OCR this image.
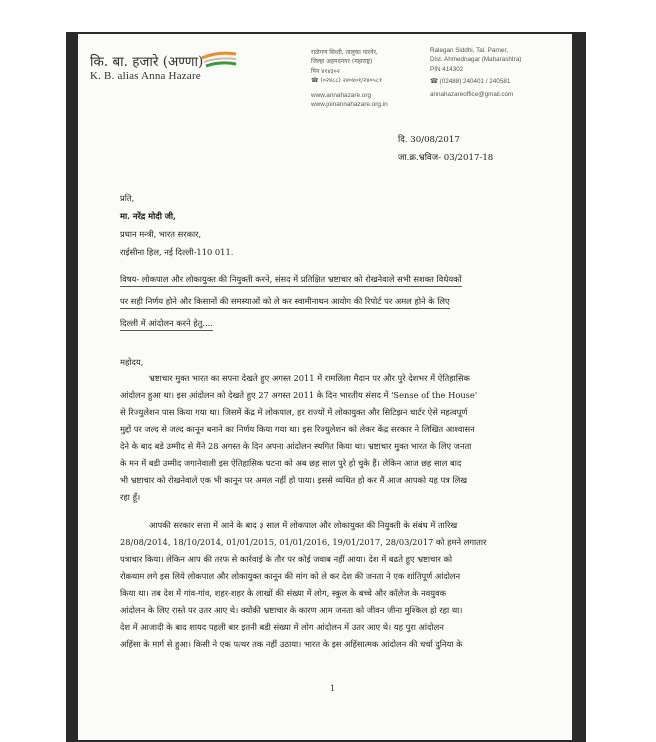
कि. बा. हजारे (अण्णा)
K. B. alias Anna Hazare
राळेगण सिध्दी, तालुका पारनेर,
जिल्हा अहमदनगर (महाराष्ट्र)
पिन ४१४३०२
☎ (०२४८८) २४०४०१/२४०५८१
www.annahazare.org
www.joinannahazare.org.in
Ralegan Siddhi, Tal. Parner,
Dist. Ahmednagar (Maharashtra)
PIN 414302
☎ (02488) 240401 / 240581
annahazareoffice@gmail.com
दि. 30/08/2017
जा.क्र.भ्रवि‍ज- 03/2017-18
प्रति,
मा. नरेंद्र मोदी जी,
प्रधान मन्त्री, भारत सरकार,
राईसीना हिल, नई दिल्ली-110 011.
विषय- लोकपाल और लोकायुक्त की नियुक्ती करने, संसद में प्रतिक्षित भ्रष्टाचार को रोखनेवाले सभी सशक्त विधेयकों
पर सही निर्णय होने और किसानों की समस्याओं को ले कर स्वामीनाथन आयोग की रिपोर्ट पर अमल होने के लिए
दिल्ली में आंदोलन करने हेतु....
महोदय,
भ्रष्टाचार मुक्त भारत का सपना देखते हुए अगस्त 2011 में रामलिला मैदान पर और पुरे देशभर में ऐतिहासिक
आंदोलन हुआ था। इस आंदोलन को देखते हुए 27 अगस्त 2011 के दिन भारतीय संसद में 'Sense of the House'
से रिज्युलेशन पास किया गया था। जिसमें केंद्र में लोकपाल, हर राज्यों में लोकायुक्त और सिटिझन चार्टर ऐसे महत्वपूर्ण
मुद्दों पर जल्द से जल्द कानून बनाने का निर्णय किया गया था। इस रिज्युलेशन को लेकर केंद्र सरकार ने लिखित आश्वासन
देने के बाद बडे उम्मीद से मैंने 28 अगस्त के दिन अपना आंदोलन स्थगित किया था। भ्रष्टाचार मुक्त भारत के लिए जनता
के मन में बडी उम्मीद जगानेवाली इस ऐतिहासिक घटना को अब छह साल पुरे हो चुके हैं। लेकिन आज छह साल बाद
भी भ्रष्टाचार को रोखनेवाले एक भी कानून पर अमल नहीं हो पाया। इससे व्यथित हो कर मैं आज आपको यह पत्र लिख
रहा हूँ।
आपकी सरकार सत्ता में आने के बाद ३ साल में लोकपाल और लोकायुक्त की नियुक्ती के संबंध में तारिख
28/08/2014, 18/10/2014, 01/01/2015, 01/01/2016, 19/01/2017, 28/03/2017 को हमने लगातार
पत्राचार किया। लेकिन आप की तरफ से कार्रवाई के तौर पर कोई जवाब नहीं आया। देश में बढते हुए भ्रष्टाचार को
रोकथाम लगे इस लिये लोकपाल और लोकायुक्त कानून की मांग को ले कर देश की जनता ने एक शांतिपूर्ण आंदोलन
किया था। तब देश में गांव-गांव, शहर-शहर के लाखों की संख्या में लोग, स्कुल के बच्चे और कॉलेज के नवयुवक
आंदोलन के लिए रास्ते पर उतर आए थे। क्योंकी भ्रष्टाचार के कारण आम जनता को जीवन जीना मुश्किल हो रहा था।
देश में आजादी के बाद शायद पहली बार इतनी बडी संख्या में लोग आंदोलन में उतर आए थे। यह पुरा आंदोलन
अहिंसा के मार्ग से हुआ। किसी ने एक पत्थर तक नहीं उठाया। भारत के इस अहिंसात्मक आंदोलन की चर्चा दुनिया के
1
